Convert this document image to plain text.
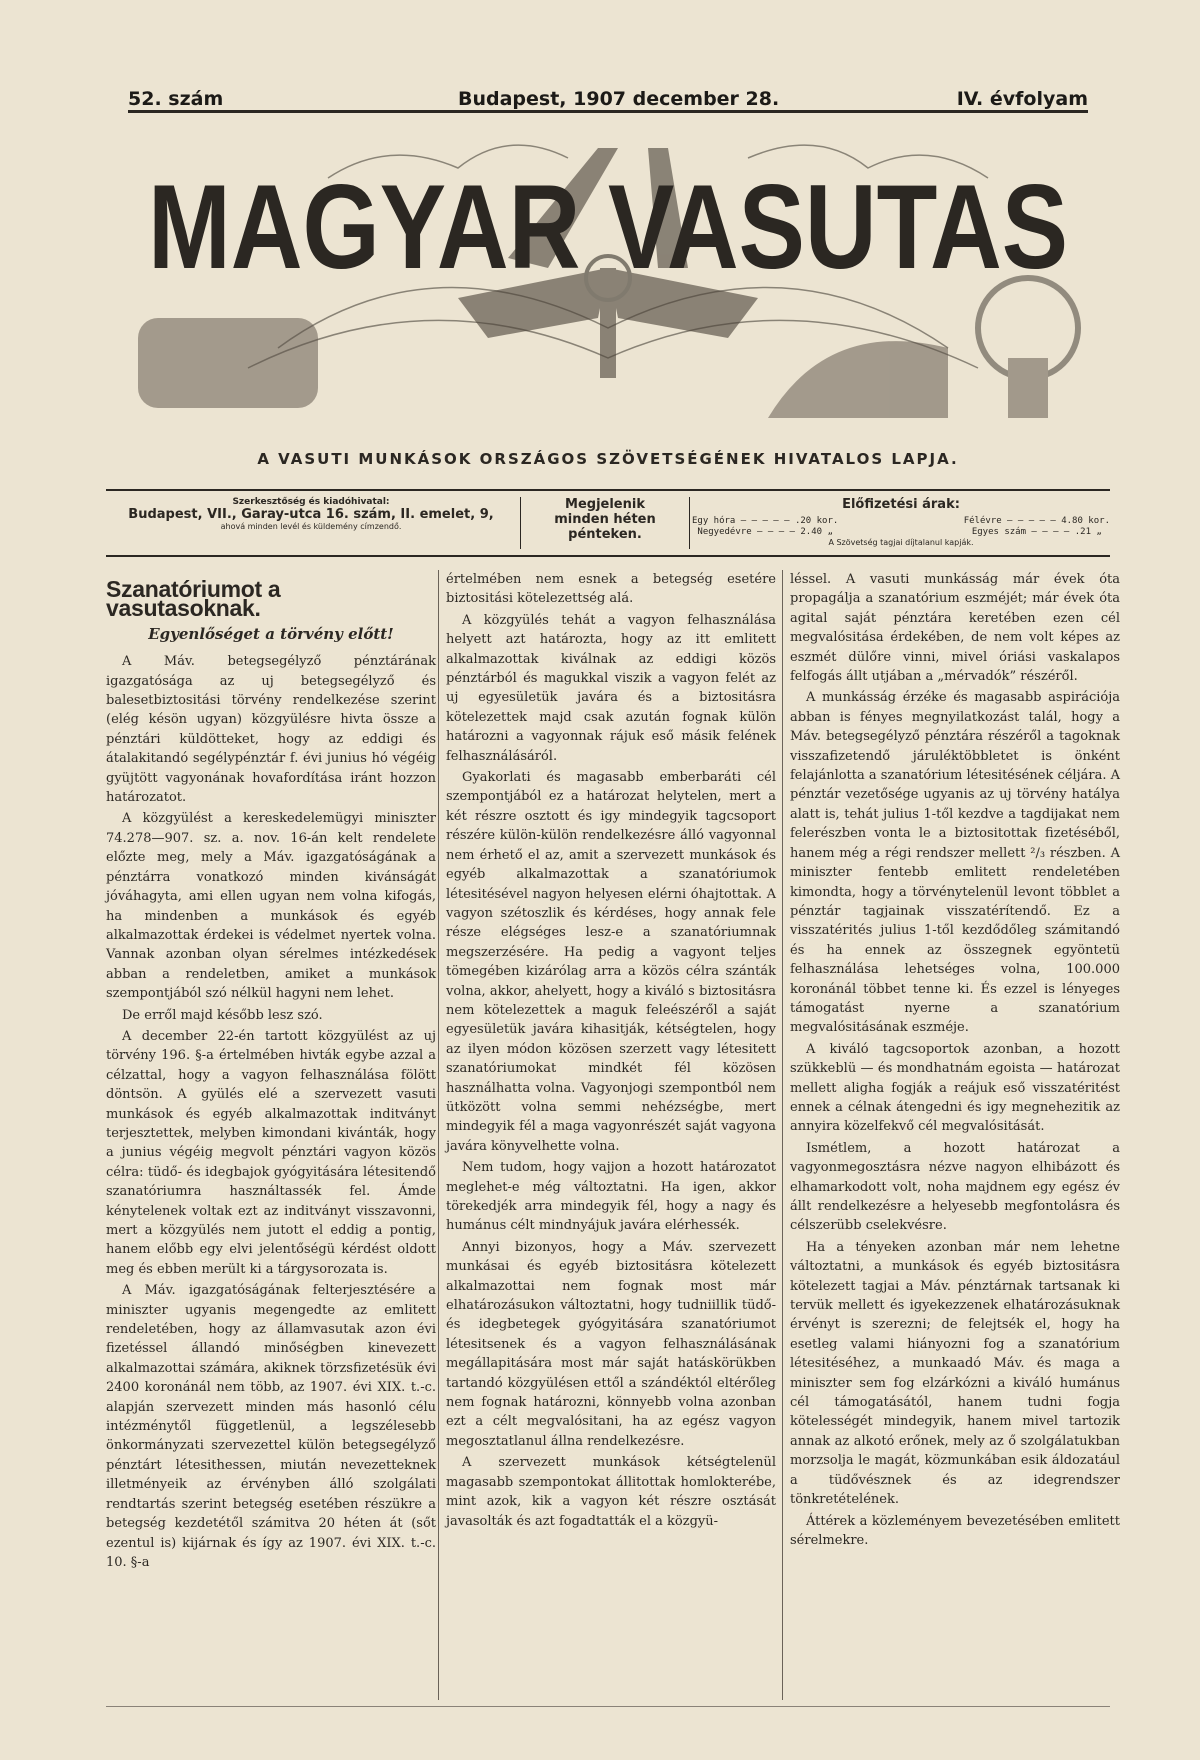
52. szám	Budapest, 1907 december 28.	IV. évfolyam
MAGYAR VASUTAS
A VASUTI MUNKÁSOK ORSZÁGOS SZÖVETSÉGÉNEK HIVATALOS LAPJA.
Szerkesztőség és kiadóhivatal:
Budapest, VII., Garay-utca 16. szám, II. emelet, 9,
ahová minden levél és küldemény címzendő.
Megjelenik
minden héten
pénteken.
Előfizetési árak:
Egy hóra — — — — — .20 kor.
Negyedévre — — — — 2.40 „
Félévre — — — — — 4.80 kor.
Egyes szám — — — — .21 „
A Szövetség tagjai díjtalanul kapják.
Szanatóriumot a vasutasoknak.
Egyenlőséget a törvény előtt!

A Máv. betegsegélyző pénztárának igazgatósága az uj betegsegélyző és balesetbiztositási törvény rendelkezése szerint (elég késön ugyan) közgyülésre hivta össze a pénztári küldötteket, hogy az eddigi és átalakitandó segélypénztár f. évi junius hó végéig gyüjtött vagyonának hovafordítása iránt hozzon határozatot.

A közgyülést a kereskedelemügyi miniszter 74.278—907. sz. a. nov. 16-án kelt rendelete előzte meg, mely a Máv. igazgatóságának a pénztárra vonatkozó minden kivánságát jóváhagyta, ami ellen ugyan nem volna kifogás, ha mindenben a munkások és egyéb alkalmazottak érdekei is védelmet nyertek volna. Vannak azonban olyan sérelmes intézkedések abban a rendeletben, amiket a munkások szempontjából szó nélkül hagyni nem lehet.

De erről majd később lesz szó.

A december 22-én tartott közgyülést az uj törvény 196. §-a értelmében hivták egybe azzal a célzattal, hogy a vagyon felhasználása fölött döntsön. A gyülés elé a szervezett vasuti munkások és egyéb alkalmazottak inditványt terjesztettek, melyben kimondani kivánták, hogy a junius végéig megvolt pénztári vagyon közös célra: tüdő- és idegbajok gyógyitására létesitendő szanatóriumra használtassék fel. Ámde kénytelenek voltak ezt az inditványt visszavonni, mert a közgyülés nem jutott el eddig a pontig, hanem előbb egy elvi jelentőségü kérdést oldott meg és ebben merült ki a tárgysorozata is.

A Máv. igazgatóságának felterjesztésére a miniszter ugyanis megengedte az emlitett rendeletében, hogy az államvasutak azon évi fizetéssel állandó minőségben kinevezett alkalmazottai számára, akiknek törzsfizetésük évi 2400 koronánál nem több, az 1907. évi XIX. t.-c. alapján szervezett minden más hasonló célu intézménytől függetlenül, a legszélesebb önkormányzati szervezettel külön betegsegélyző pénztárt létesithessen, miután nevezetteknek illetményeik az érvényben álló szolgálati rendtartás szerint betegség esetében részükre a betegség kezdetétől számitva 20 héten át (sőt ezentul is) kijárnak és így az 1907. évi XIX. t.-c. 10. §-a

értelmében nem esnek a betegség esetére biztositási kötelezettség alá.

A közgyülés tehát a vagyon felhasználása helyett azt határozta, hogy az itt emlitett alkalmazottak kiválnak az eddigi közös pénztárból és magukkal viszik a vagyon felét az uj egyesületük javára és a biztositásra kötelezettek majd csak azután fognak külön határozni a vagyonnak rájuk eső másik felének felhasználásáról.

Gyakorlati és magasabb emberbaráti cél szempontjából ez a határozat helytelen, mert a két részre osztott és igy mindegyik tagcsoport részére külön-külön rendelkezésre álló vagyonnal nem érhető el az, amit a szervezett munkások és egyéb alkalmazottak a szanatóriumok létesitésével nagyon helyesen elérni óhajtottak. A vagyon szétoszlik és kérdéses, hogy annak fele része elégséges lesz-e a szanatóriumnak megszerzésére. Ha pedig a vagyont teljes tömegében kizárólag arra a közös célra szánták volna, akkor, ahelyett, hogy a kiváló s biztositásra nem kötelezettek a maguk feleészéről a saját egyesületük javára kihasitják, kétségtelen, hogy az ilyen módon közösen szerzett vagy létesitett szanatóriumokat mindkét fél közösen használhatta volna. Vagyonjogi szempontból nem ütközött volna semmi nehézségbe, mert mindegyik fél a maga vagyonrészét saját vagyona javára könyvelhette volna.

Nem tudom, hogy vajjon a hozott határozatot meglehet-e még változtatni. Ha igen, akkor törekedjék arra mindegyik fél, hogy a nagy és humánus célt mindnyájuk javára elérhessék.

Annyi bizonyos, hogy a Máv. szervezett munkásai és egyéb biztositásra kötelezett alkalmazottai nem fognak most már elhatározásukon változtatni, hogy tudniillik tüdő- és idegbetegek gyógyitására szanatóriumot létesitsenek és a vagyon felhasználásának megállapitására most már saját hatáskörükben tartandó közgyülésen ettől a szándéktól eltérőleg nem fognak határozni, könnyebb volna azonban ezt a célt megvalósitani, ha az egész vagyon megosztatlanul állna rendelkezésre.

A szervezett munkások kétségtelenül magasabb szempontokat állitottak homlokterébe, mint azok, kik a vagyon két részre osztását javasolták és azt fogadtatták el a közgyü-

léssel. A vasuti munkásság már évek óta propagálja a szanatórium eszméjét; már évek óta agital saját pénztára keretében ezen cél megvalósitása érdekében, de nem volt képes az eszmét dülőre vinni, mivel óriási vaskalapos felfogás állt utjában a „mérvadók” részéről.

A munkásság érzéke és magasabb aspirációja abban is fényes megnyilatkozást talál, hogy a Máv. betegsegélyző pénztára részéről a tagoknak visszafizetendő járuléktöbbletet is önként felajánlotta a szanatórium létesitésének céljára. A pénztár vezetősége ugyanis az uj törvény hatálya alatt is, tehát julius 1-től kezdve a tagdijakat nem felerészben vonta le a biztositottak fizetéséből, hanem még a régi rendszer mellett ²/₃ részben. A miniszter fentebb emlitett rendeletében kimondta, hogy a törvénytelenül levont többlet a pénztár tagjainak visszatérítendő. Ez a visszatérités julius 1-től kezdődőleg számitandó és ha ennek az összegnek egyöntetü felhasználása lehetséges volna, 100.000 koronánál többet tenne ki. És ezzel is lényeges támogatást nyerne a szanatórium megvalósitásának eszméje.

A kiváló tagcsoportok azonban, a hozott szükkeblü — és mondhatnám egoista — határozat mellett aligha fogják a reájuk eső visszatéritést ennek a célnak átengedni és igy megnehezitik az annyira közelfekvő cél megvalósitását.

Ismétlem, a hozott határozat a vagyonmegosztásra nézve nagyon elhibázott és elhamarkodott volt, noha majdnem egy egész év állt rendelkezésre a helyesebb megfontolásra és célszerübb cselekvésre.

Ha a tényeken azonban már nem lehetne változtatni, a munkások és egyéb biztositásra kötelezett tagjai a Máv. pénztárnak tartsanak ki tervük mellett és igyekezzenek elhatározásuknak érvényt is szerezni; de felejtsék el, hogy ha esetleg valami hiányozni fog a szanatórium létesitéséhez, a munkaadó Máv. és maga a miniszter sem fog elzárkózni a kiváló humánus cél támogatásától, hanem tudni fogja kötelességét mindegyik, hanem mivel tartozik annak az alkotó erőnek, mely az ő szolgálatukban morzsolja le magát, közmunkában esik áldozatául a tüdővésznek és az idegrendszer tönkretételének.

Áttérek a közleményem bevezetésében emlitett sérelmekre.
